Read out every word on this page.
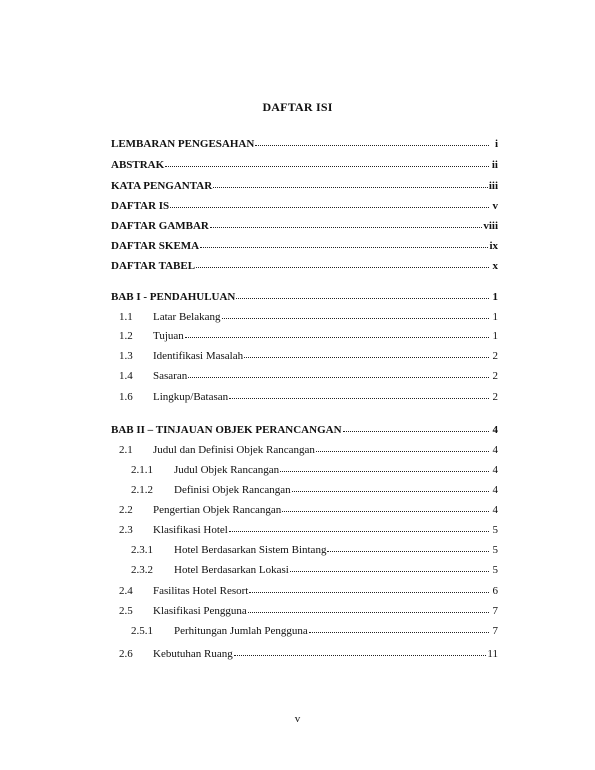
DAFTAR ISI
LEMBARAN PENGESAHAN	i
ABSTRAK	ii
KATA PENGANTAR	iii
DAFTAR IS	v
DAFTAR GAMBAR	viii
DAFTAR SKEMA	ix
DAFTAR TABEL	x
BAB I - PENDAHULUAN	1
1.1	Latar Belakang	1
1.2	Tujuan	1
1.3	Identifikasi Masalah	2
1.4	Sasaran	2
1.6	Lingkup/Batasan	2
BAB II – TINJAUAN OBJEK PERANCANGAN	4
2.1	Judul dan Definisi Objek Rancangan	4
2.1.1	Judul Objek Rancangan	4
2.1.2	Definisi Objek Rancangan	4
2.2	Pengertian Objek Rancangan	4
2.3	Klasifikasi Hotel	5
2.3.1	Hotel Berdasarkan Sistem Bintang	5
2.3.2	Hotel Berdasarkan Lokasi	5
2.4	Fasilitas Hotel Resort	6
2.5	Klasifikasi Pengguna	7
2.5.1	Perhitungan Jumlah Pengguna	7
2.6	Kebutuhan Ruang	11
v
